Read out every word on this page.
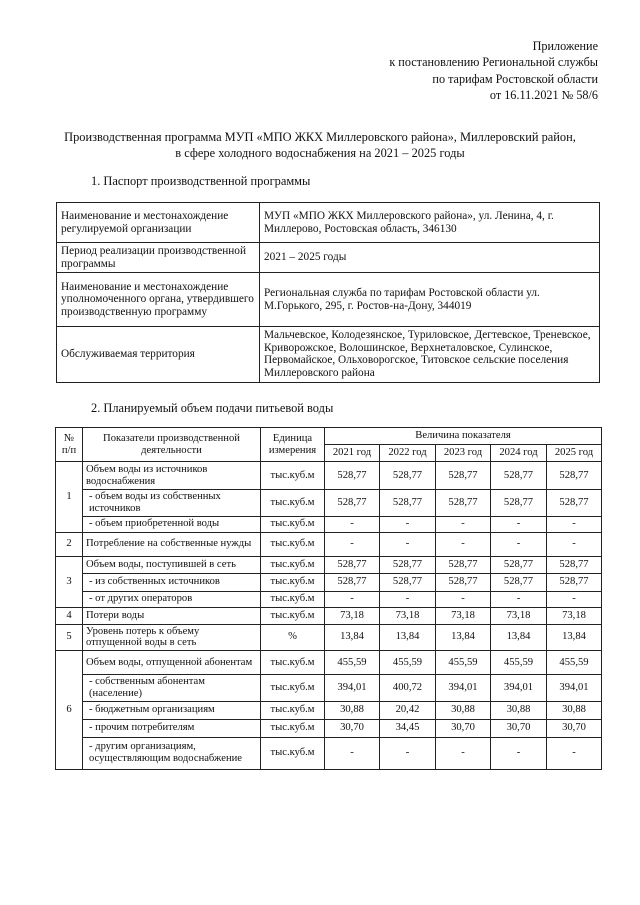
Приложение
к постановлению Региональной службы
по тарифам Ростовской области
от 16.11.2021 № 58/6
Производственная программа МУП «МПО ЖКХ Миллеровского района», Миллеровский район,
в сфере холодного водоснабжения на 2021 – 2025 годы
1. Паспорт производственной программы
Наименование и местонахождение регулируемой организации	МУП «МПО ЖКХ Миллеровского района», ул. Ленина, 4, г. Миллерово, Ростовская область, 346130
Период реализации производственной программы	2021 – 2025 годы
Наименование и местонахождение уполномоченного органа, утвердившего производственную программу	Региональная служба по тарифам Ростовской области ул. М.Горького, 295, г. Ростов-на-Дону, 344019
Обслуживаемая территория	Мальчевское, Колодезянское, Туриловское, Дегтевское, Треневское, Криворожское, Волошинское, Верхнеталовское, Сулинское, Первомайское, Ольховорогское, Титовское сельские поселения Миллеровского района
2. Планируемый объем подачи питьевой воды
№ п/п	Показатели производственной деятельности	Единица измерения	Величина показателя				
			2021 год	2022 год	2023 год	2024 год	2025 год
1	Объем воды из источников водоснабжения	тыс.куб.м	528,77	528,77	528,77	528,77	528,77
	- объем воды из собственных источников	тыс.куб.м	528,77	528,77	528,77	528,77	528,77
	- объем приобретенной воды	тыс.куб.м	-	-	-	-	-
2	Потребление на собственные нужды	тыс.куб.м	-	-	-	-	-
3	Объем воды, поступившей в сеть	тыс.куб.м	528,77	528,77	528,77	528,77	528,77
	- из собственных источников	тыс.куб.м	528,77	528,77	528,77	528,77	528,77
	- от других операторов	тыс.куб.м	-	-	-	-	-
4	Потери воды	тыс.куб.м	73,18	73,18	73,18	73,18	73,18
5	Уровень потерь к объему отпущенной воды в сеть	%	13,84	13,84	13,84	13,84	13,84
6	Объем воды, отпущенной абонентам	тыс.куб.м	455,59	455,59	455,59	455,59	455,59
	- собственным абонентам (население)	тыс.куб.м	394,01	400,72	394,01	394,01	394,01
	- бюджетным организациям	тыс.куб.м	30,88	20,42	30,88	30,88	30,88
	- прочим потребителям	тыс.куб.м	30,70	34,45	30,70	30,70	30,70
	- другим организациям, осуществляющим водоснабжение	тыс.куб.м	-	-	-	-	-
